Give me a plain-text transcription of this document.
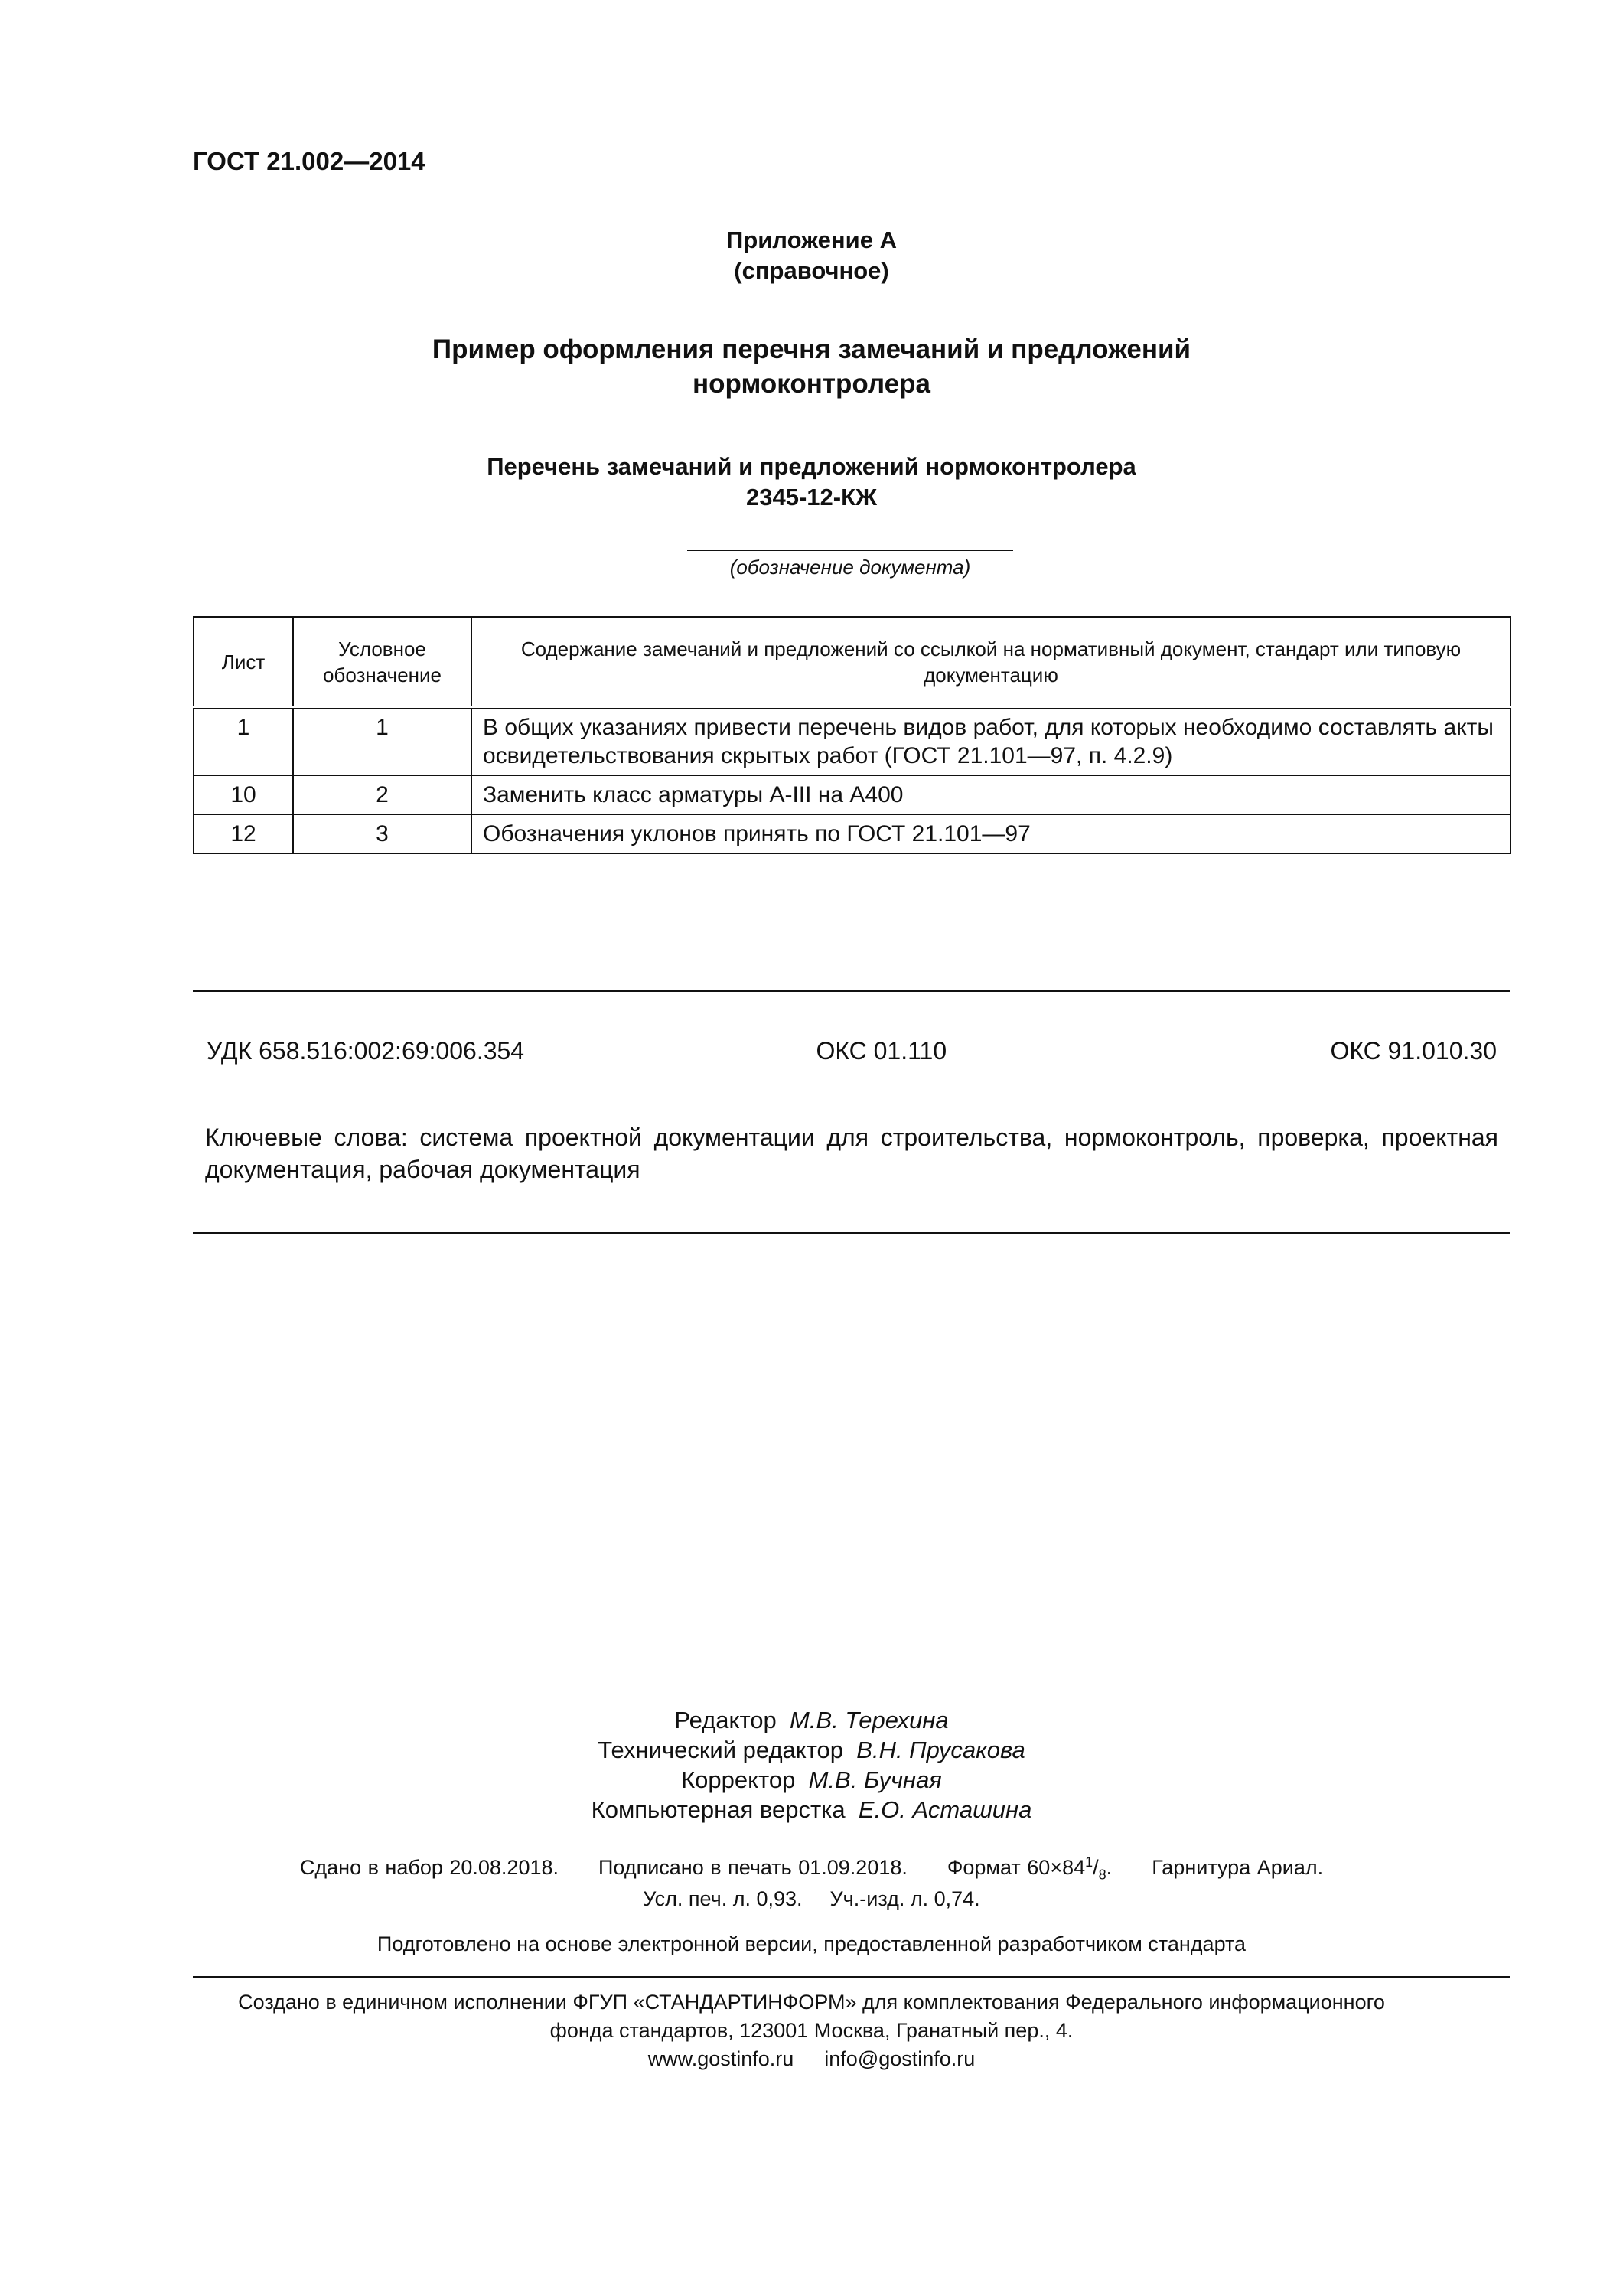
ГОСТ 21.002—2014
Приложение А
(справочное)
Пример оформления перечня замечаний и предложений
нормоконтролера
Перечень замечаний и предложений нормоконтролера
2345-12-КЖ
(обозначение документа)
Лист	Условное обозначение	Содержание замечаний и предложений со ссылкой на нормативный документ, стандарт или типовую документацию
1	1	В общих указаниях привести перечень видов работ, для которых необходимо составлять акты освидетельствования скрытых работ (ГОСТ 21.101—97, п. 4.2.9)
10	2	Заменить класс арматуры А-III на А400
12	3	Обозначения уклонов принять по ГОСТ 21.101—97
УДК 658.516:002:69:006.354	ОКС 01.110	ОКС 91.010.30
Ключевые слова: система проектной документации для строительства, нормоконтроль, проверка, проектная документация, рабочая документация
Редактор М.В. Терехина
Технический редактор В.Н. Прусакова
Корректор М.В. Бучная
Компьютерная верстка Е.О. Асташина
Сдано в набор 20.08.2018. Подписано в печать 01.09.2018. Формат $60\times 84^1/_8$. Гарнитура Ариал.
Усл. печ. л. 0,93. Уч.-изд. л. 0,74.
Подготовлено на основе электронной версии, предоставленной разработчиком стандарта
Создано в единичном исполнении ФГУП «СТАНДАРТИНФОРМ» для комплектования Федерального информационного
фонда стандартов, 123001 Москва, Гранатный пер., 4.
www.gostinfo.ru info@gostinfo.ru
